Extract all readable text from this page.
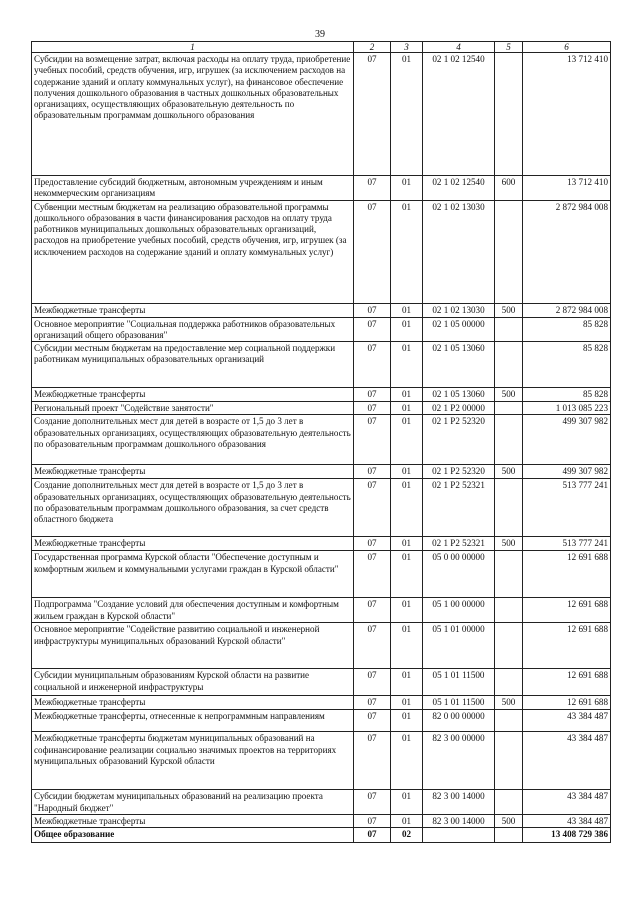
39
1	2	3	4	5	6
Субсидии на возмещение затрат, включая расходы на оплату труда, приобретение учебных пособий, средств обучения, игр, игрушек (за исключением расходов на содержание зданий и оплату коммунальных услуг), на финансовое обеспечение получения дошкольного образования в частных дошкольных образовательных организациях, осуществляющих образовательную деятельность по образовательным программам дошкольного образования	07	01	02 1 02 12540		13 712 410
Предоставление субсидий бюджетным, автономным учреждениям и иным некоммерческим организациям	07	01	02 1 02 12540	600	13 712 410
Субвенции местным бюджетам на реализацию образовательной программы дошкольного образования в части финансирования расходов на оплату труда работников муниципальных дошкольных образовательных организаций, расходов на приобретение учебных пособий, средств обучения, игр, игрушек (за исключением расходов на содержание зданий и оплату коммунальных услуг)	07	01	02 1 02 13030		2 872 984 008
Межбюджетные трансферты	07	01	02 1 02 13030	500	2 872 984 008
Основное мероприятие "Социальная поддержка работников образовательных организаций общего образования"	07	01	02 1 05 00000		85 828
Субсидии местным бюджетам на предоставление мер социальной поддержки работникам муниципальных образовательных организаций	07	01	02 1 05 13060		85 828
Межбюджетные трансферты	07	01	02 1 05 13060	500	85 828
Региональный проект "Содействие занятости"	07	01	02 1 P2 00000		1 013 085 223
Создание дополнительных мест для детей в возрасте от 1,5 до 3 лет в образовательных организациях, осуществляющих образовательную деятельность по образовательным программам дошкольного образования	07	01	02 1 P2 52320		499 307 982
Межбюджетные трансферты	07	01	02 1 P2 52320	500	499 307 982
Создание дополнительных мест для детей в возрасте от 1,5 до 3 лет в образовательных организациях, осуществляющих образовательную деятельность по образовательным программам дошкольного образования, за счет средств областного бюджета	07	01	02 1 P2 52321		513 777 241
Межбюджетные трансферты	07	01	02 1 P2 52321	500	513 777 241
Государственная программа Курской области "Обеспечение доступным и комфортным жильем и коммунальными услугами граждан в Курской области"	07	01	05 0 00 00000		12 691 688
Подпрограмма "Создание условий для обеспечения доступным и комфортным жильем граждан в Курской области"	07	01	05 1 00 00000		12 691 688
Основное мероприятие "Содействие развитию социальной и инженерной инфраструктуры муниципальных образований Курской области"	07	01	05 1 01 00000		12 691 688
Субсидии муниципальным образованиям Курской области на развитие социальной и инженерной инфраструктуры	07	01	05 1 01 11500		12 691 688
Межбюджетные трансферты	07	01	05 1 01 11500	500	12 691 688
Межбюджетные трансферты, отнесенные к непрограммным направлениям	07	01	82 0 00 00000		43 384 487
Межбюджетные трансферты бюджетам муниципальных образований на софинансирование реализации социально значимых проектов на территориях муниципальных образований Курской области	07	01	82 3 00 00000		43 384 487
Субсидии бюджетам муниципальных образований на реализацию проекта "Народный бюджет"	07	01	82 3 00 14000		43 384 487
Межбюджетные трансферты	07	01	82 3 00 14000	500	43 384 487
Общее образование	07	02			13 408 729 386
